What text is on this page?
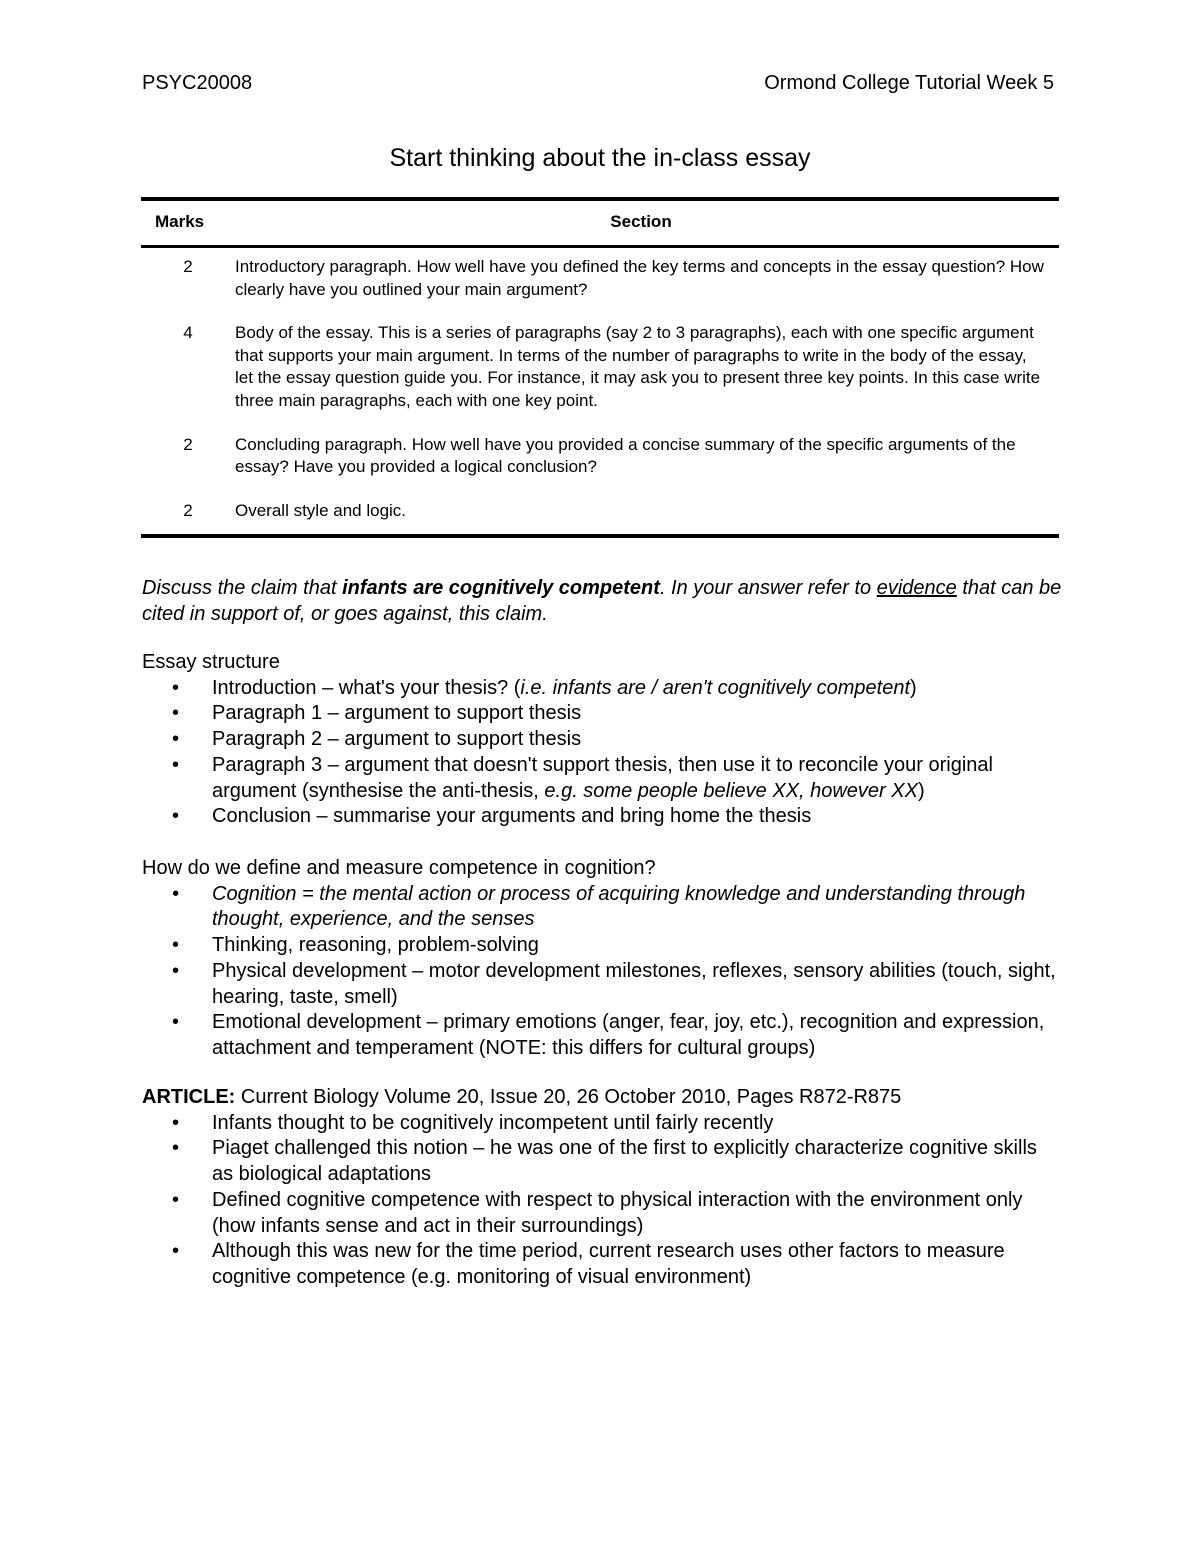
PSYC20008	Ormond College Tutorial Week 5
Start thinking about the in-class essay
Marks	Section
2	Introductory paragraph. How well have you defined the key terms and concepts in the essay question? How clearly have you outlined your main argument?
4	Body of the essay. This is a series of paragraphs (say 2 to 3 paragraphs), each with one specific argument that supports your main argument. In terms of the number of paragraphs to write in the body of the essay, let the essay question guide you. For instance, it may ask you to present three key points. In this case write three main paragraphs, each with one key point.
2	Concluding paragraph. How well have you provided a concise summary of the specific arguments of the essay? Have you provided a logical conclusion?
2	Overall style and logic.
Discuss the claim that infants are cognitively competent. In your answer refer to evidence that can be cited in support of, or goes against, this claim.
Essay structure
• Introduction – what's your thesis? (i.e. infants are / aren't cognitively competent)
• Paragraph 1 – argument to support thesis
• Paragraph 2 – argument to support thesis
• Paragraph 3 – argument that doesn't support thesis, then use it to reconcile your original argument (synthesise the anti-thesis, e.g. some people believe XX, however XX)
• Conclusion – summarise your arguments and bring home the thesis
How do we define and measure competence in cognition?
• Cognition = the mental action or process of acquiring knowledge and understanding through thought, experience, and the senses
• Thinking, reasoning, problem-solving
• Physical development – motor development milestones, reflexes, sensory abilities (touch, sight, hearing, taste, smell)
• Emotional development – primary emotions (anger, fear, joy, etc.), recognition and expression, attachment and temperament (NOTE: this differs for cultural groups)
ARTICLE: Current Biology Volume 20, Issue 20, 26 October 2010, Pages R872-R875
• Infants thought to be cognitively incompetent until fairly recently
• Piaget challenged this notion – he was one of the first to explicitly characterize cognitive skills as biological adaptations
• Defined cognitive competence with respect to physical interaction with the environment only (how infants sense and act in their surroundings)
• Although this was new for the time period, current research uses other factors to measure cognitive competence (e.g. monitoring of visual environment)
